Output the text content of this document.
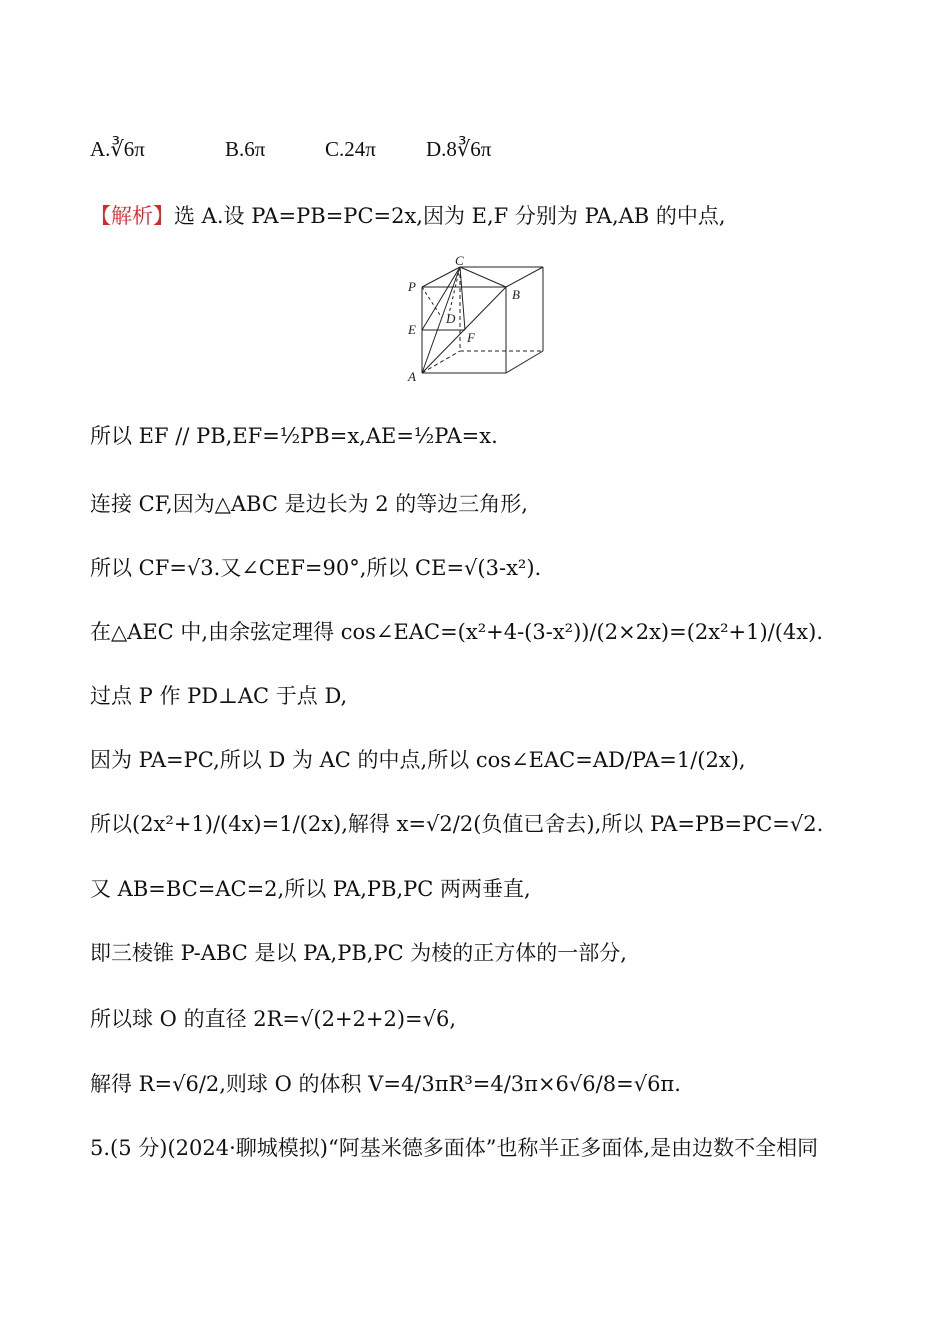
A.∛6π	B.6π	C.24π D.8∛6π
【解析】选 A.设 PA=PB=PC=2x,因为 E,F 分别为 PA,AB 的中点,
C
P
B
D
E
F
A
所以 EF // PB,EF=½PB=x,AE=½PA=x.
连接 CF,因为△ABC 是边长为 2 的等边三角形,
所以 CF=√3.又∠CEF=90°,所以 CE=√(3-x²).
在△AEC 中,由余弦定理得 cos∠EAC=(x²+4-(3-x²))/(2×2x)=(2x²+1)/(4x).
过点 P 作 PD⊥AC 于点 D,
因为 PA=PC,所以 D 为 AC 的中点,所以 cos∠EAC=AD/PA=1/(2x),
所以(2x²+1)/(4x)=1/(2x),解得 x=√2/2(负值已舍去),所以 PA=PB=PC=√2.
又 AB=BC=AC=2,所以 PA,PB,PC 两两垂直,
即三棱锥 P-ABC 是以 PA,PB,PC 为棱的正方体的一部分,
所以球 O 的直径 2R=√(2+2+2)=√6,
解得 R=√6/2,则球 O 的体积 V=4/3πR³=4/3π×6√6/8=√6π.
5.(5 分)(2024·聊城模拟)“阿基米德多面体”也称半正多面体,是由边数不全相同
